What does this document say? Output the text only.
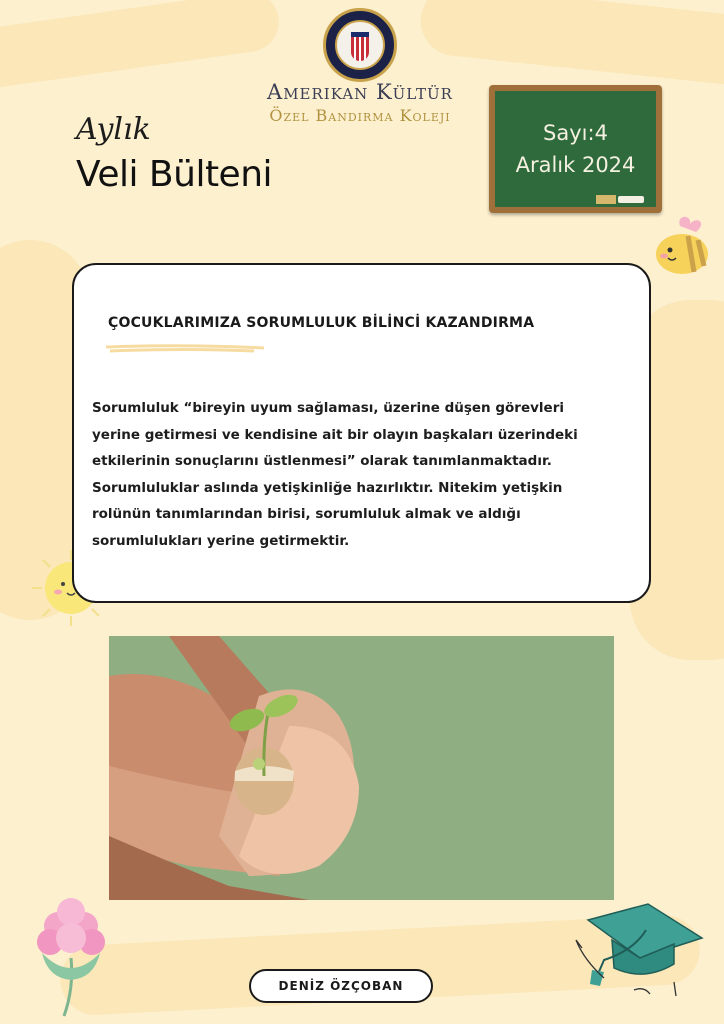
Amerikan Kültür
Özel Bandırma Koleji
Aylık
Veli Bülteni
Sayı:4
Aralık 2024
ÇOCUKLARIMIZA SORUMLULUK BİLİNCİ KAZANDIRMA

Sorumluluk “bireyin uyum sağlaması, üzerine düşen görevleri yerine getirmesi ve kendisine ait bir olayın başkaları üzerindeki etkilerinin sonuçlarını üstlenmesi” olarak tanımlanmaktadır.
Sorumluluklar aslında yetişkinliğe hazırlıktır. Nitekim yetişkin rolünün tanımlarından birisi, sorumluluk almak ve aldığı sorumlulukları yerine getirmektir.

DENİZ ÖZÇOBAN
